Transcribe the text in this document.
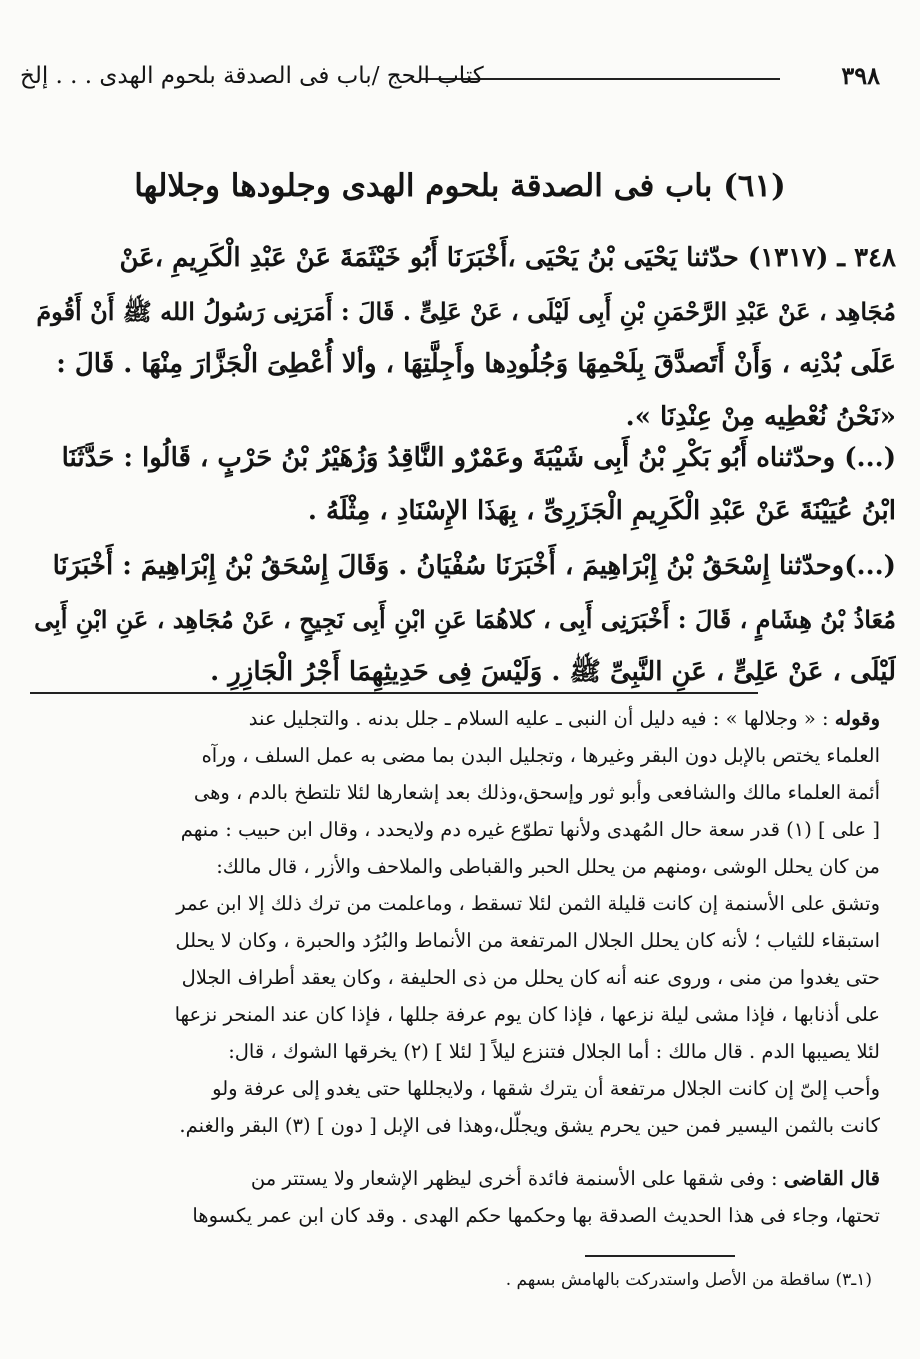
٣٩٨
كتاب الحج /باب فى الصدقة بلحوم الهدى . . . إلخ
(٦١) باب فى الصدقة بلحوم الهدى وجلودها وجلالها
٣٤٨ ـ (١٣١٧) حدّثنا يَحْيَى بْنُ يَحْيَى ،أَخْبَرَنَا أَبُو خَيْثَمَةَ عَنْ عَبْدِ الْكَرِيمِ ،عَنْ
مُجَاهِد ، عَنْ عَبْدِ الرَّحْمَنِ بْنِ أَبِى لَيْلَى ، عَنْ عَلِىٍّ . قَالَ : أَمَرَنِى رَسُولُ الله ﷺ أَنْ أَقُومَ
عَلَى بُدْنِه ، وَأَنْ أَتَصدَّقَ بِلَحْمِهَا وَجُلُودِها وأَجِلَّتِهَا ، وألا أُعْطِىَ الْجَزَّارَ مِنْهَا . قَالَ :
«نَحْنُ نُعْطِيه مِنْ عِنْدِنَا ».
(...) وحدّثناه أَبُو بَكْرِ بْنُ أَبِى شَيْبَةَ وعَمْرٌو النَّاقِدُ وَزُهَيْرُ بْنُ حَرْبٍ ، قَالُوا : حَدَّثَنَا
ابْنُ عُيَيْنَةَ عَنْ عَبْدِ الْكَرِيمِ الْجَزَرِىِّ ، بِهَذَا الإِسْنَادِ ، مِثْلَهُ .
(...)وحدّثنا إِسْحَقُ بْنُ إِبْرَاهِيمَ ، أَخْبَرَنَا سُفْيَانُ . وَقَالَ إِسْحَقُ بْنُ إِبْرَاهِيمَ : أَخْبَرَنَا
مُعَاذُ بْنُ هِشَامٍ ، قَالَ : أَخْبَرَنِى أَبِى ، كلاهُمَا عَنِ ابْنِ أَبِى نَجِيحٍ ، عَنْ مُجَاهِد ، عَنِ ابْنِ أَبِى
لَيْلَى ، عَنْ عَلِىٍّ ، عَنِ النَّبِىِّ ﷺ . وَلَيْسَ فِى حَدِيثِهِمَا أَجْرُ الْجَازِرِ .
وقوله : « وجلالها » : فيه دليل أن النبى ـ عليه السلام ـ جلل بدنه . والتجليل عند
العلماء يختص بالإبل دون البقر وغيرها ، وتجليل البدن بما مضى به عمل السلف ، ورآه
أئمة العلماء مالك والشافعى وأبو ثور وإسحق،وذلك بعد إشعارها لئلا تلتطخ بالدم ، وهى
[ على ] (١) قدر سعة حال المُهدى ولأنها تطوّع غيره دم ولايحدد ، وقال ابن حبيب : منهم
من كان يحلل الوشى ،ومنهم من يحلل الحبر والقباطى والملاحف والأزر ، قال مالك:
وتشق على الأسنمة إن كانت قليلة الثمن لئلا تسقط ، وماعلمت من ترك ذلك إلا ابن عمر
استبقاء للثياب ؛ لأنه كان يحلل الجلال المرتفعة من الأنماط والبُرُد والحبرة ، وكان لا يحلل
حتى يغدوا من منى ، وروى عنه أنه كان يحلل من ذى الحليفة ، وكان يعقد أطراف الجلال
على أذنابها ، فإذا مشى ليلة نزعها ، فإذا كان يوم عرفة جللها ، فإذا كان عند المنحر نزعها
لئلا يصيبها الدم . قال مالك : أما الجلال فتنزع ليلاً [ لئلا ] (٢) يخرقها الشوك ، قال:
وأحب إلىّ إن كانت الجلال مرتفعة أن يترك شقها ، ولايجللها حتى يغدو إلى عرفة ولو
كانت بالثمن اليسير فمن حين يحرم يشق ويجلّل،وهذا فى الإبل [ دون ] (٣) البقر والغنم.
قال القاضى : وفى شقها على الأسنمة فائدة أخرى ليظهر الإشعار ولا يستتر من
تحتها، وجاء فى هذا الحديث الصدقة بها وحكمها حكم الهدى . وقد كان ابن عمر يكسوها
(١ـ٣) ساقطة من الأصل واستدركت بالهامش بسهم .
